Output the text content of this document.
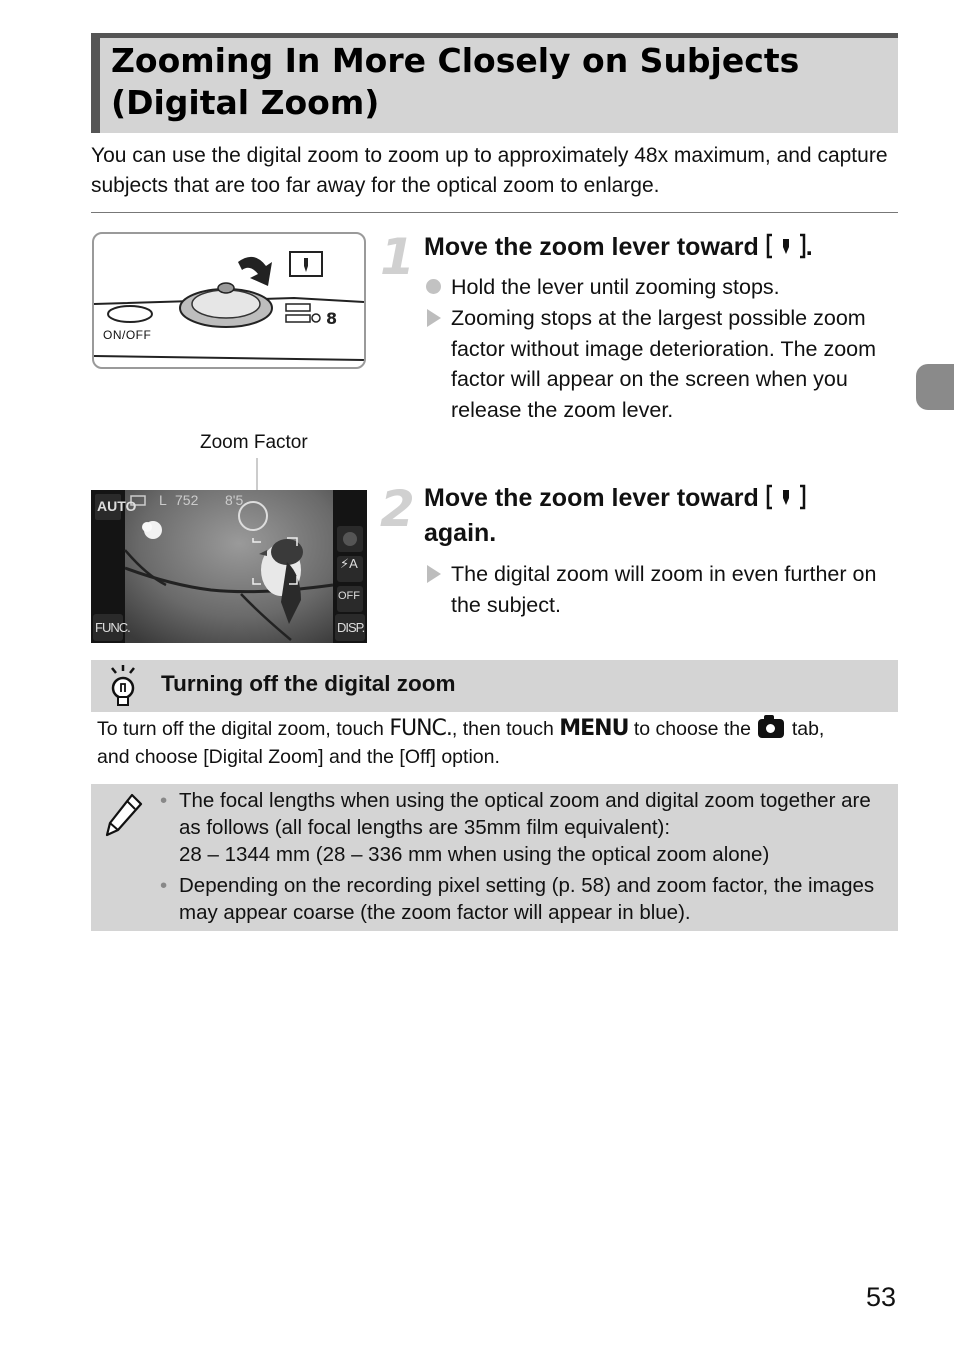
Zooming In More Closely on Subjects (Digital Zoom)
You can use the digital zoom to zoom up to approximately 48x maximum, and capture subjects that are too far away for the optical zoom to enlarge.
8
ON/OFF
Zoom Factor
AUTO L 752 8'5
⚡A
OFF
FUNC.	DISP.
1 Move the zoom lever toward .
Hold the lever until zooming stops.
Zooming stops at the largest possible zoom factor without image deterioration. The zoom factor will appear on the screen when you release the zoom lever.
2 Move the zoom lever toward
again.
The digital zoom will zoom in even further on the subject.
Turning off the digital zoom
To turn off the digital zoom, touch FUNC., then touch MENU to choose the tab,
and choose [Digital Zoom] and the [Off] option.
• The focal lengths when using the optical zoom and digital zoom together are as follows (all focal lengths are 35mm film equivalent):
28 – 1344 mm (28 – 336 mm when using the optical zoom alone)
• Depending on the recording pixel setting (p. 58) and zoom factor, the images may appear coarse (the zoom factor will appear in blue).
53
